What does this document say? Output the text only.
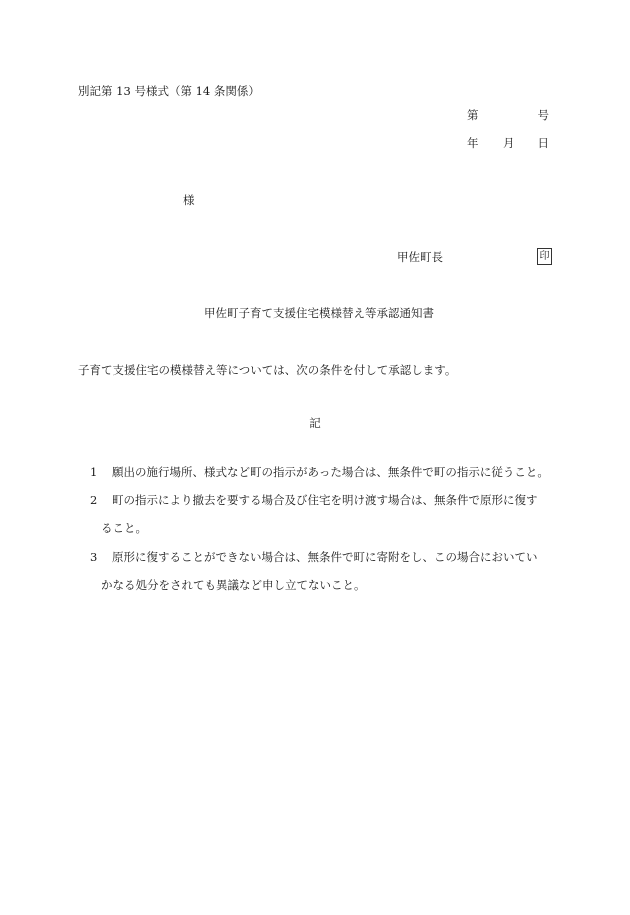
別記第 13 号様式（第 14 条関係）
第	号
年 月 日
様
甲佐町長	印
甲佐町子育て支援住宅模様替え等承認通知書
子育て支援住宅の模様替え等については、次の条件を付して承認します。
記
1 願出の施行場所、様式など町の指示があった場合は、無条件で町の指示に従うこと。
2 町の指示により撤去を要する場合及び住宅を明け渡す場合は、無条件で原形に復す
ること。
3 原形に復することができない場合は、無条件で町に寄附をし、この場合においてい
かなる処分をされても異議など申し立てないこと。
